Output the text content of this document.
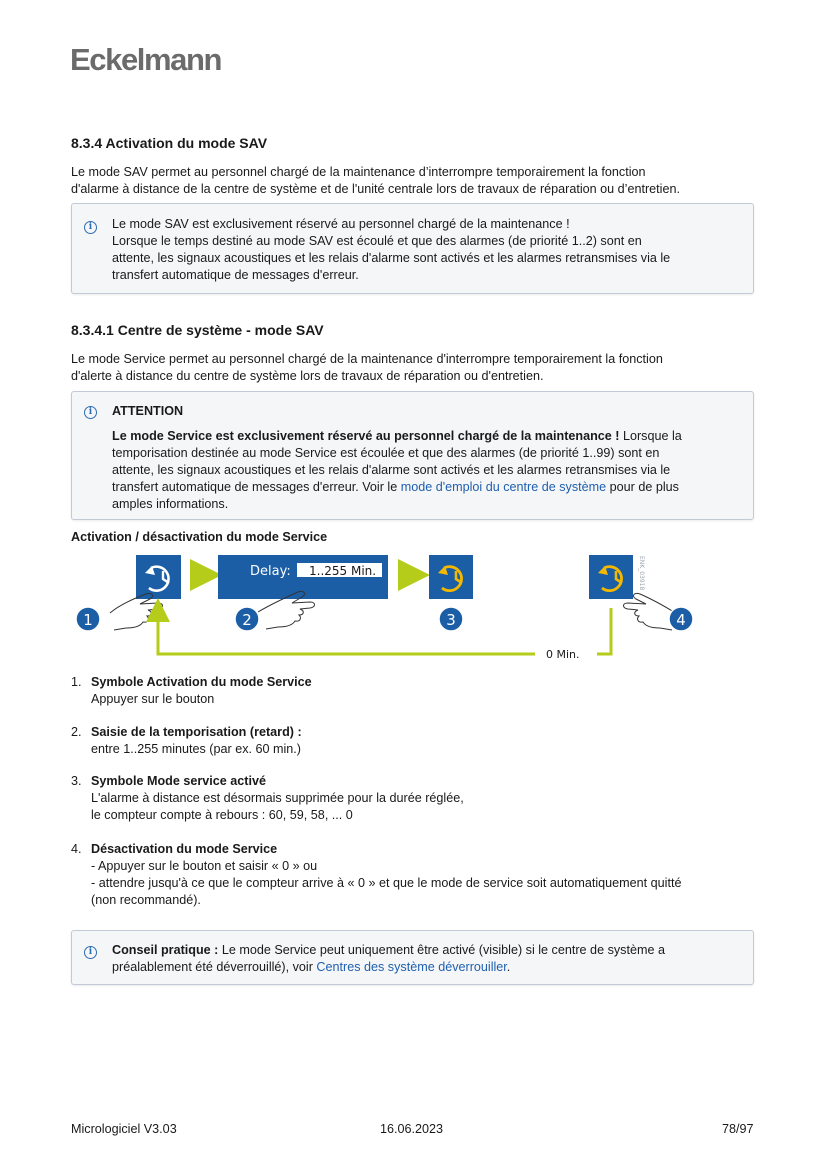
Eckelmann
8.3.4 Activation du mode SAV

Le mode SAV permet au personnel chargé de la maintenance d’interrompre temporairement la fonction

d'alarme à distance de la centre de système et de l'unité centrale lors de travaux de réparation ou d’entretien.

i	Le mode SAV est exclusivement réservé au personnel chargé de la maintenance !
Lorsque le temps destiné au mode SAV est écoulé et que des alarmes (de priorité 1..2) sont en
attente, les signaux acoustiques et les relais d'alarme sont activés et les alarmes retransmises via le
transfert automatique de messages d'erreur.
8.3.4.1 Centre de système - mode SAV

Le mode Service permet au personnel chargé de la maintenance d'interrompre temporairement la fonction

d'alerte à distance du centre de système lors de travaux de réparation ou d'entretien.

i	ATTENTION
Le mode Service est exclusivement réservé au personnel chargé de la maintenance ! Lorsque la
temporisation destinée au mode Service est écoulée et que des alarmes (de priorité 1..99) sont en
attente, les signaux acoustiques et les relais d'alarme sont activés et les alarmes retransmises via le
transfert automatique de messages d'erreur. Voir le mode d'emploi du centre de système pour de plus
amples informations.
Activation / désactivation du mode Service
Delay: 1..255 Min.	ENK_03918
1	2	3	4
0 Min.
1. Symbole Activation du mode Service
Appuyer sur le bouton
2. Saisie de la temporisation (retard) :
entre 1..255 minutes (par ex. 60 min.)
3. Symbole Mode service activé
L'alarme à distance est désormais supprimée pour la durée réglée,
le compteur compte à rebours : 60, 59, 58, ... 0
4. Désactivation du mode Service
- Appuyer sur le bouton et saisir « 0 » ou
- attendre jusqu'à ce que le compteur arrive à « 0 » et que le mode de service soit automatiquement quitté
(non recommandé).
i	Conseil pratique : Le mode Service peut uniquement être activé (visible) si le centre de système a
préalablement été déverrouillé), voir Centres des système déverrouiller.
Micrologiciel V3.03	16.06.2023	78/97
